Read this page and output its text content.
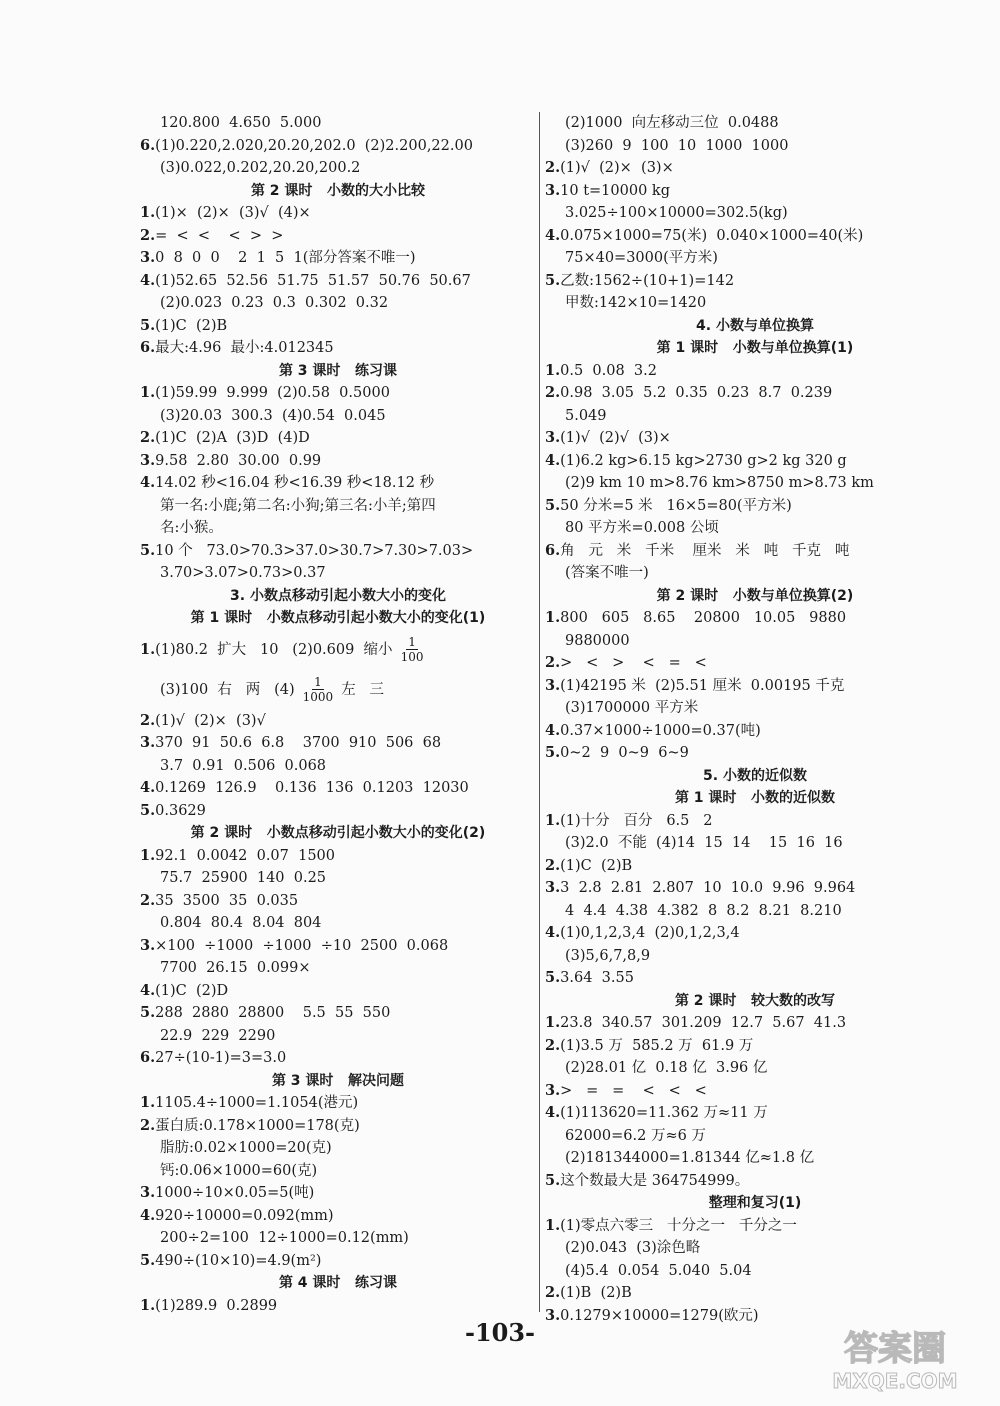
120.800  4.650  5.000
6.(1)0.220,2.020,20.20,202.0  (2)2.200,22.00
(3)0.022,0.202,20.20,200.2
第 2 课时   小数的大小比较
1.(1)×  (2)×  (3)√  (4)×
2.=  <  <    <  >  >
3.0  8  0  0    2  1  5  1(部分答案不唯一)
4.(1)52.65  52.56  51.75  51.57  50.76  50.67
(2)0.023  0.23  0.3  0.302  0.32
5.(1)C  (2)B
6.最大:4.96  最小:4.012345
第 3 课时   练习课
1.(1)59.99  9.999  (2)0.58  0.5000
(3)20.03  300.3  (4)0.54  0.045
2.(1)C  (2)A  (3)D  (4)D
3.9.58  2.80  30.00  0.99
4.14.02 秒<16.04 秒<16.39 秒<18.12 秒
第一名:小鹿;第二名:小狗;第三名:小羊;第四
名:小猴。
5.10 个   73.0>70.3>37.0>30.7>7.30>7.03>
3.70>3.07>0.73>0.37
3. 小数点移动引起小数大小的变化
第 1 课时   小数点移动引起小数大小的变化(1)
1.(1)80.2  扩大   10   (2)0.609  缩小 $\frac{1}{100}$
(3)100  右   两   $(4) \frac{1}{1000}$ 左   三
2.(1)√  (2)×  (3)√
3.370  91  50.6  6.8    3700  910  506  68
3.7  0.91  0.506  0.068
4.0.1269  126.9    0.136  136  0.1203  12030
5.0.3629
第 2 课时   小数点移动引起小数大小的变化(2)
1.92.1  0.0042  0.07  1500
75.7  25900  140  0.25
2.35  3500  35  0.035
0.804  80.4  8.04  804
3.×100  ÷1000  ÷1000  ÷10  2500  0.068
7700  26.15  0.099×
4.(1)C  (2)D
5.288  2880  28800    5.5  55  550
22.9  229  2290
6.27÷(10-1)=3=3.0
第 3 课时   解决问题
1.1105.4÷1000=1.1054(港元)
2.蛋白质:0.178×1000=178(克)
脂肪:0.02×1000=20(克)
钙:0.06×1000=60(克)
3.1000÷10×0.05=5(吨)
4.920÷10000=0.092(mm)
200÷2=100  12÷1000=0.12(mm)
5.490÷(10×10)=4.9(m²)
第 4 课时   练习课
1.(1)289.9  0.2899
(2)1000  向左移动三位  0.0488
(3)260  9  100  10  1000  1000
2.(1)√  (2)×  (3)×
3.10 t=10000 kg
3.025÷100×10000=302.5(kg)
4.0.075×1000=75(米)  0.040×1000=40(米)
75×40=3000(平方米)
5.乙数:1562÷(10+1)=142
甲数:142×10=1420
4. 小数与单位换算
第 1 课时   小数与单位换算(1)
1.0.5  0.08  3.2
2.0.98  3.05  5.2  0.35  0.23  8.7  0.239
5.049
3.(1)√  (2)√  (3)×
4.(1)6.2 kg>6.15 kg>2730 g>2 kg 320 g
(2)9 km 10 m>8.76 km>8750 m>8.73 km
5.50 分米=5 米   16×5=80(平方米)
80 平方米=0.008 公顷
6.角   元   米   千米    厘米   米   吨   千克   吨
(答案不唯一)
第 2 课时   小数与单位换算(2)
1.800   605   8.65    20800   10.05   9880
9880000
2.>   <   >    <   =   <
3.(1)42195 米  (2)5.51 厘米  0.00195 千克
(3)1700000 平方米
4.0.37×1000÷1000=0.37(吨)
5.0~2  9  0~9  6~9
5. 小数的近似数
第 1 课时   小数的近似数
1.(1)十分   百分   6.5   2
(3)2.0  不能  (4)14  15  14    15  16  16
2.(1)C  (2)B
3.3  2.8  2.81  2.807  10  10.0  9.96  9.964
4  4.4  4.38  4.382  8  8.2  8.21  8.210
4.(1)0,1,2,3,4  (2)0,1,2,3,4
(3)5,6,7,8,9
5.3.64  3.55
第 2 课时   较大数的改写
1.23.8  340.57  301.209  12.7  5.67  41.3
2.(1)3.5 万  585.2 万  61.9 万
(2)28.01 亿  0.18 亿  3.96 亿
3.>   =   =    <   <   <
4.(1)113620=11.362 万≈11 万
62000=6.2 万≈6 万
(2)181344000=1.81344 亿≈1.8 亿
5.这个数最大是 364754999。
整理和复习(1)
1.(1)零点六零三   十分之一   千分之一
(2)0.043  (3)涂色略
(4)5.4  0.054  5.040  5.04
2.(1)B  (2)B
3.0.1279×10000=1279(欧元)
-103-	答案圈
MXQE.COM
